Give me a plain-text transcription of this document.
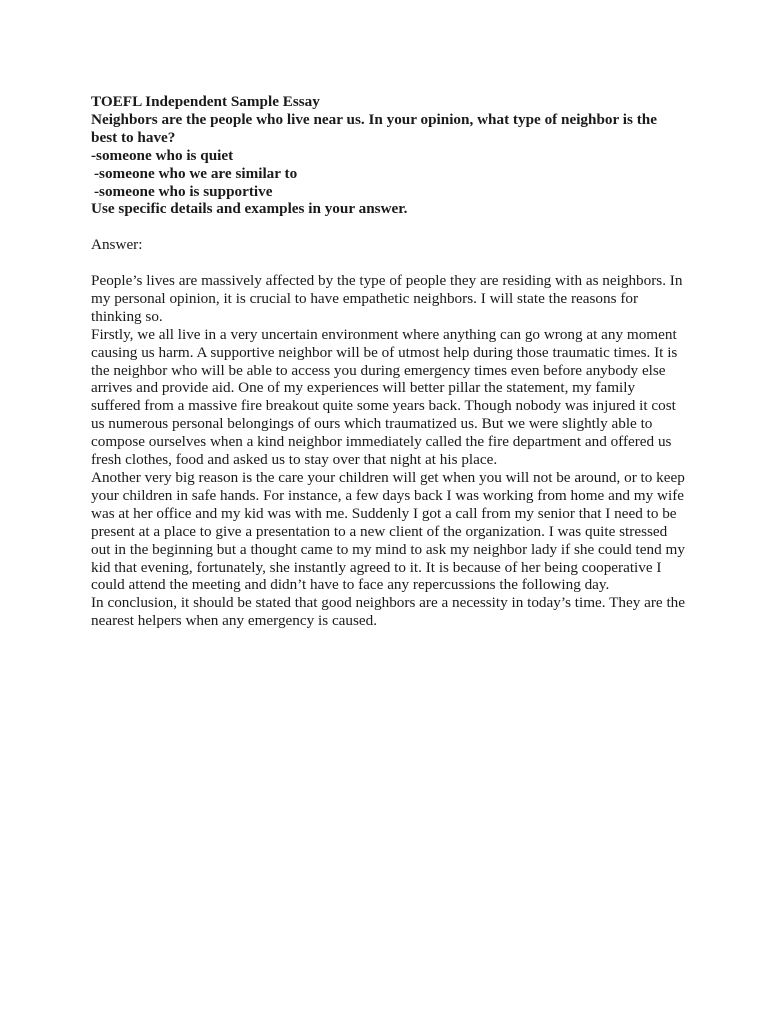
TOEFL Independent Sample Essay

Neighbors are the people who live near us. In your opinion, what type of neighbor is the best to have?

-someone who is quiet

-someone who we are similar to

-someone who is supportive

Use specific details and examples in your answer.

Answer:

People’s lives are massively affected by the type of people they are residing with as neighbors. In my personal opinion, it is crucial to have empathetic neighbors. I will state the reasons for thinking so.

Firstly, we all live in a very uncertain environment where anything can go wrong at any moment causing us harm. A supportive neighbor will be of utmost help during those traumatic times. It is the neighbor who will be able to access you during emergency times even before anybody else arrives and provide aid. One of my experiences will better pillar the statement, my family suffered from a massive fire breakout quite some years back. Though nobody was injured it cost us numerous personal belongings of ours which traumatized us. But we were slightly able to compose ourselves when a kind neighbor immediately called the fire department and offered us fresh clothes, food and asked us to stay over that night at his place.

Another very big reason is the care your children will get when you will not be around, or to keep your children in safe hands. For instance, a few days back I was working from home and my wife was at her office and my kid was with me. Suddenly I got a call from my senior that I need to be present at a place to give a presentation to a new client of the organization. I was quite stressed out in the beginning but a thought came to my mind to ask my neighbor lady if she could tend my kid that evening, fortunately, she instantly agreed to it. It is because of her being cooperative I could attend the meeting and didn’t have to face any repercussions the following day.

In conclusion, it should be stated that good neighbors are a necessity in today’s time. They are the nearest helpers when any emergency is caused.
